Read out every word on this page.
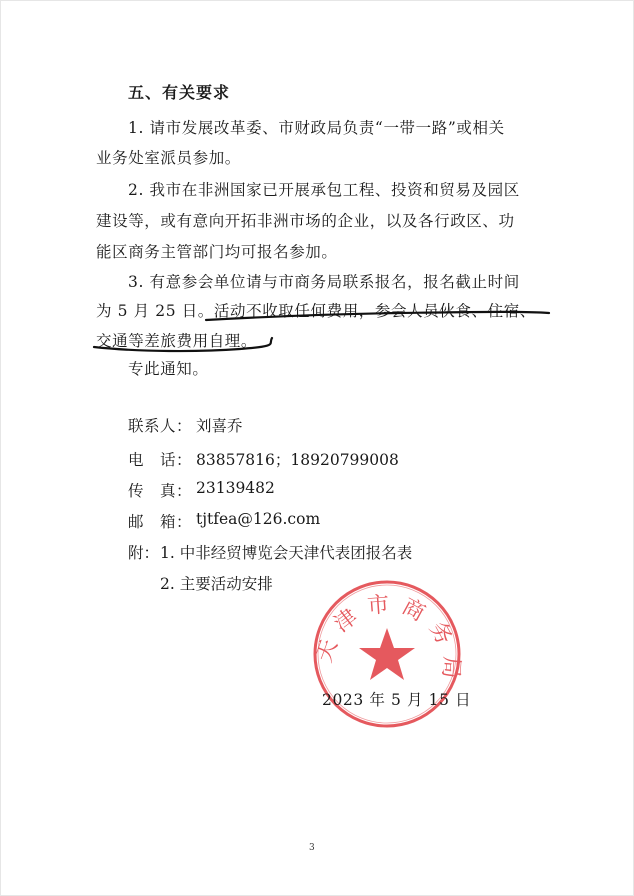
五、有关要求
1. 请市发展改革委、市财政局负责“一带一路”或相关
业务处室派员参加。
2. 我市在非洲国家已开展承包工程、投资和贸易及园区
建设等，或有意向开拓非洲市场的企业，以及各行政区、功
能区商务主管部门均可报名参加。
3. 有意参会单位请与市商务局联系报名，报名截止时间
为 5 月 25 日。活动不收取任何费用，参会人员伙食、住宿、
交通等差旅费用自理。
专此通知。
联系人： 刘喜乔
电　话： 83857816；18920799008
传　真： 23139482
邮　箱： tjtfea@126.com
附： 1. 中非经贸博览会天津代表团报名表
2. 主要活动安排
天津市商务局
2023 年 5 月 15 日
3
